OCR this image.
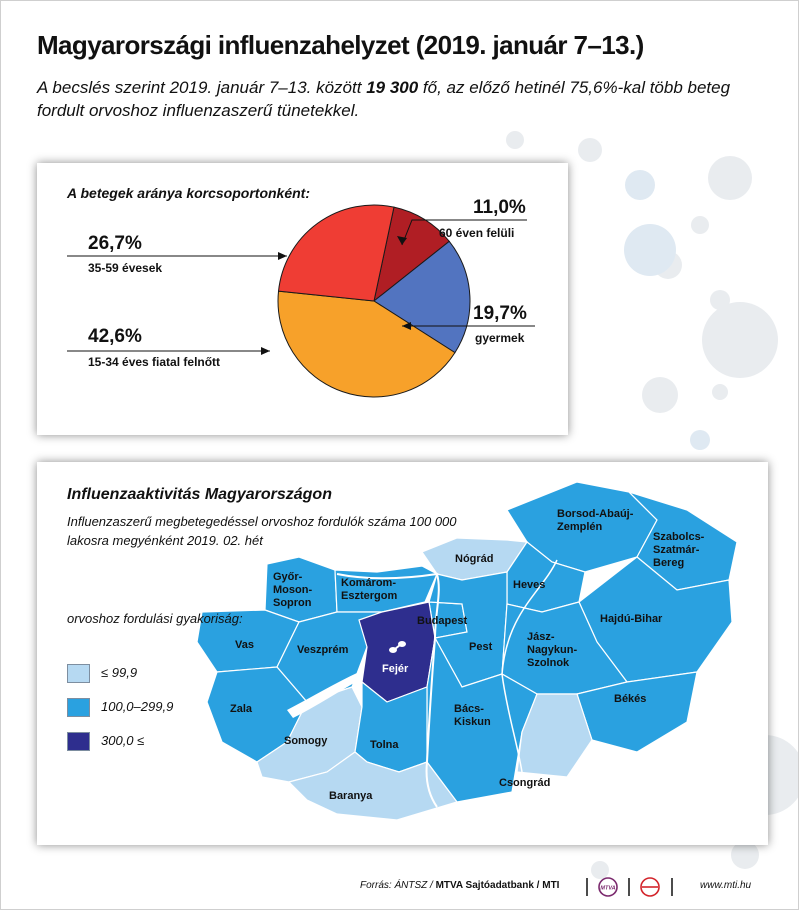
Magyarországi influenzahelyzet (2019. január 7–13.)
A becslés szerint 2019. január 7–13. között 19 300 fő, az előző hetinél 75,6%-kal több beteg fordult orvoshoz influenzaszerű tünetekkel.
A betegek aránya korcsoportonként:
11,0%
60 éven felüli
19,7%
gyermek
42,6%
15-34 éves fiatal felnőtt
26,7%
35-59 évesek
Borsod-Abaúj-Zemplén
Szabolcs-Szatmár-Bereg
Nógrád
Heves
Győr-Moson-Sopron
Komárom-Esztergom
Budapest
Pest
Hajdú-Bihar
Vas	Veszprém
Fejér
Jász-Nagykun-Szolnok
Zala
Békés
Bács-Kiskun
Somogy	Tolna
Csongrád
Baranya
Influenzaaktivitás Magyarországon
Influenzaszerű megbetegedéssel orvoshoz fordulók száma 100 000 lakosra megyénként 2019. 02. hét
orvoshoz fordulási gyakoriság:
≤ 99,9
100,0–299,9
300,0 ≤
Forrás: ÁNTSZ / MTVA Sajtóadatbank / MTI	MTVA	www.mti.hu
